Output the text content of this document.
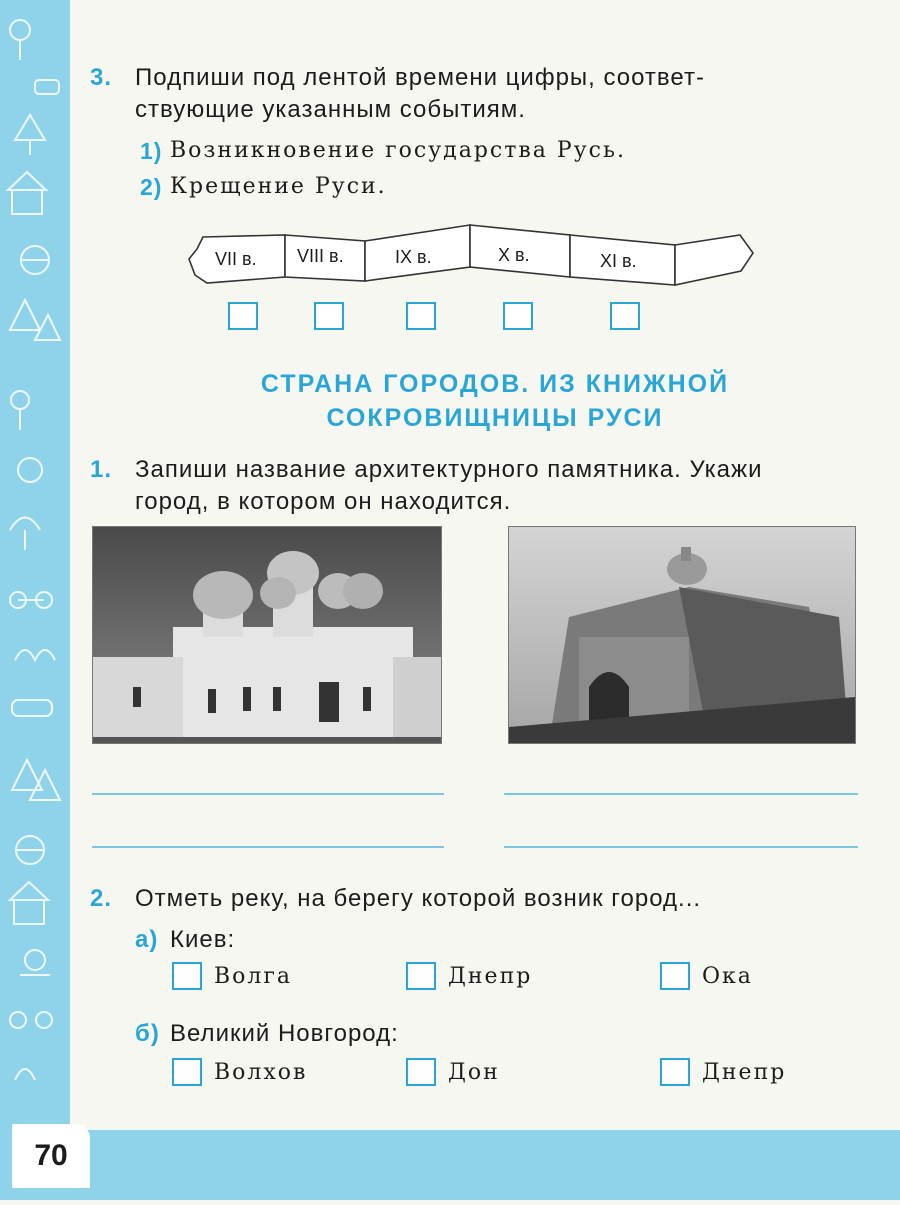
70
3. Подпиши под лентой времени цифры, соответ-
ствующие указанным событиям.
1) Возникновение государства Русь.
2) Крещение Руси.
VII в. VIII в.	IX в.	X в.	XI в.
СТРАНА ГОРОДОВ. ИЗ КНИЖНОЙ
СОКРОВИЩНИЦЫ РУСИ
1. Запиши название архитектурного памятника. Укажи
город, в котором он находится.
2. Отметь реку, на берегу которой возник город...
а) Киев:
Волга	Днепр	Ока
б) Великий Новгород:
Волхов	Дон	Днепр
